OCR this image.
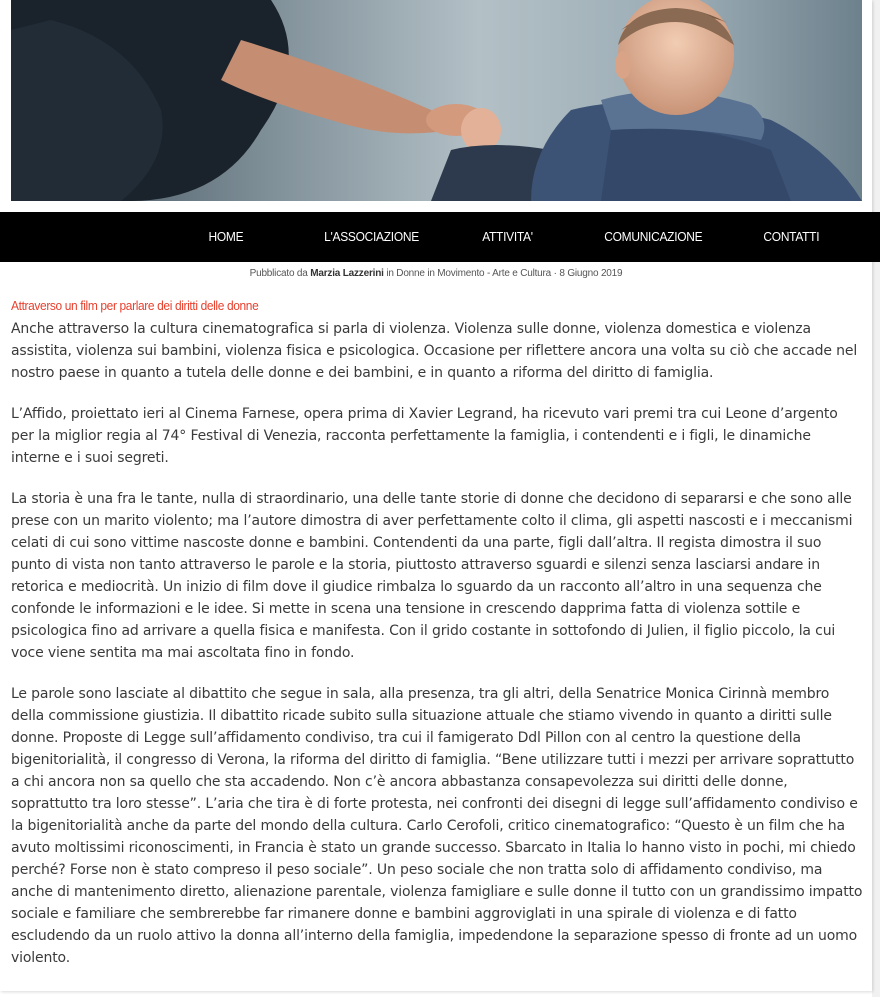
HOME	L'ASSOCIAZIONE	ATTIVITA'	COMUNICAZIONE	CONTATTI
Pubblicato da Marzia Lazzerini in Donne in Movimento - Arte e Cultura · 8 Giugno 2019
Attraverso un film per parlare dei diritti delle donne

Anche attraverso la cultura cinematografica si parla di violenza. Violenza sulle donne, violenza domestica e violenza assistita, violenza sui bambini, violenza fisica e psicologica. Occasione per riflettere ancora una volta su ciò che accade nel nostro paese in quanto a tutela delle donne e dei bambini, e in quanto a riforma del diritto di famiglia.

L’Affido, proiettato ieri al Cinema Farnese, opera prima di Xavier Legrand, ha ricevuto vari premi tra cui Leone d’argento per la miglior regia al 74° Festival di Venezia, racconta perfettamente la famiglia, i contendenti e i figli, le dinamiche interne e i suoi segreti.

La storia è una fra le tante, nulla di straordinario, una delle tante storie di donne che decidono di separarsi e che sono alle prese con un marito violento; ma l’autore dimostra di aver perfettamente colto il clima, gli aspetti nascosti e i meccanismi celati di cui sono vittime nascoste donne e bambini. Contendenti da una parte, figli dall’altra. Il regista dimostra il suo punto di vista non tanto attraverso le parole e la storia, piuttosto attraverso sguardi e silenzi senza lasciarsi andare in retorica e mediocrità. Un inizio di film dove il giudice rimbalza lo sguardo da un racconto all’altro in una sequenza che confonde le informazioni e le idee. Si mette in scena una tensione in crescendo dapprima fatta di violenza sottile e psicologica fino ad arrivare a quella fisica e manifesta. Con il grido costante in sottofondo di Julien, il figlio piccolo, la cui voce viene sentita ma mai ascoltata fino in fondo.

Le parole sono lasciate al dibattito che segue in sala, alla presenza, tra gli altri, della Senatrice Monica Cirinnà membro della commissione giustizia. Il dibattito ricade subito sulla situazione attuale che stiamo vivendo in quanto a diritti sulle donne. Proposte di Legge sull’affidamento condiviso, tra cui il famigerato Ddl Pillon con al centro la questione della bigenitorialità, il congresso di Verona, la riforma del diritto di famiglia. “Bene utilizzare tutti i mezzi per arrivare soprattutto a chi ancora non sa quello che sta accadendo. Non c’è ancora abbastanza consapevolezza sui diritti delle donne, soprattutto tra loro stesse”. L’aria che tira è di forte protesta, nei confronti dei disegni di legge sull’affidamento condiviso e la bigenitorialità anche da parte del mondo della cultura. Carlo Cerofoli, critico cinematografico: “Questo è un film che ha avuto moltissimi riconoscimenti, in Francia è stato un grande successo. Sbarcato in Italia lo hanno visto in pochi, mi chiedo perché? Forse non è stato compreso il peso sociale”. Un peso sociale che non tratta solo di affidamento condiviso, ma anche di mantenimento diretto, alienazione parentale, violenza famigliare e sulle donne il tutto con un grandissimo impatto sociale e familiare che sembrerebbe far rimanere donne e bambini aggroviglati in una spirale di violenza e di fatto escludendo da un ruolo attivo la donna all’interno della famiglia, impedendone la separazione spesso di fronte ad un uomo violento.
